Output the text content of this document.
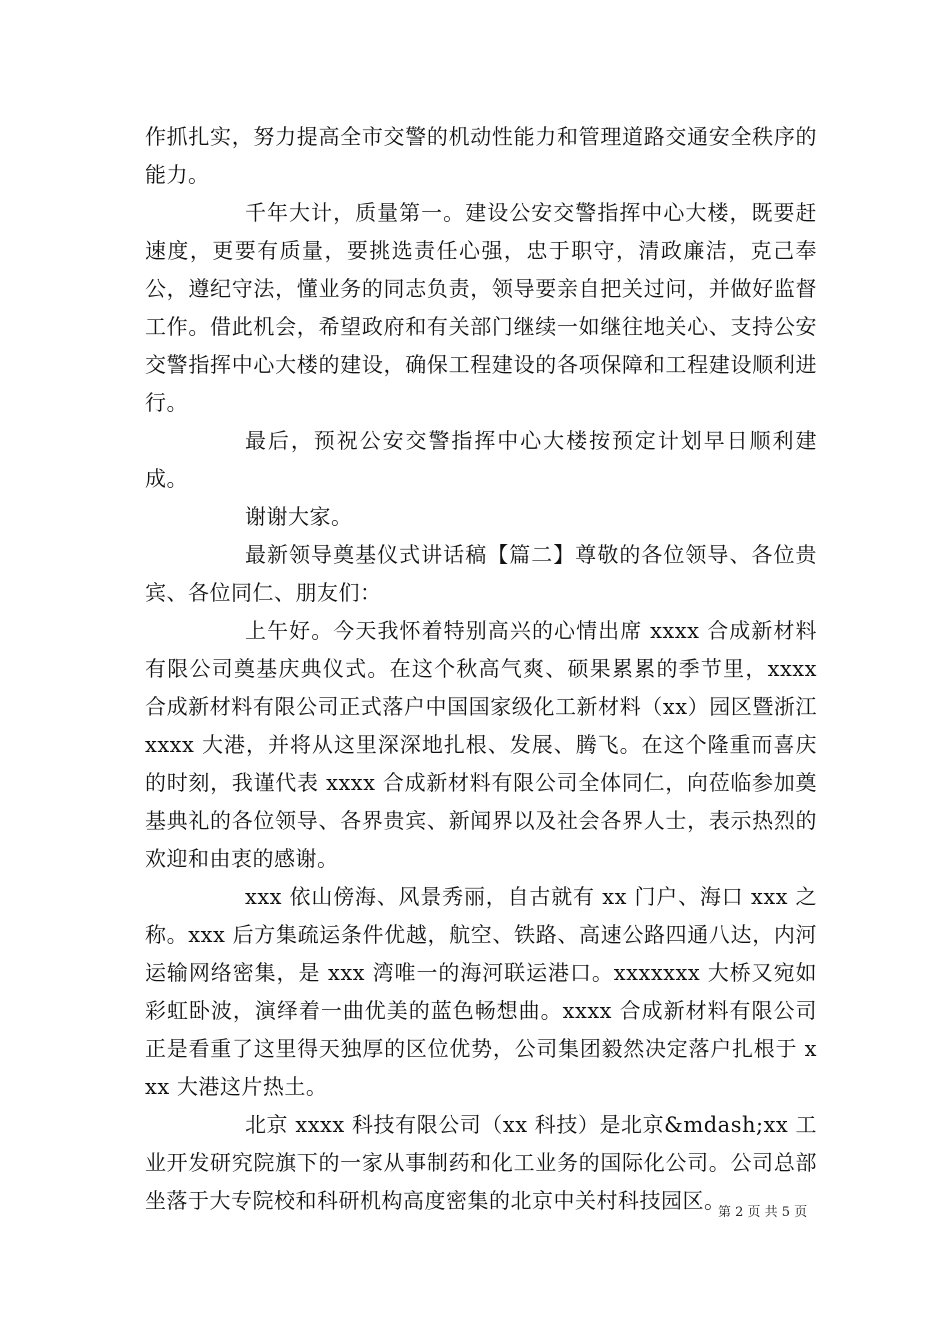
作抓扎实，努力提高全市交警的机动性能力和管理道路交通安全秩序的能力。

千年大计，质量第一。建设公安交警指挥中心大楼，既要赶速度，更要有质量，要挑选责任心强，忠于职守，清政廉洁，克己奉公，遵纪守法，懂业务的同志负责，领导要亲自把关过问，并做好监督工作。借此机会，希望政府和有关部门继续一如继往地关心、支持公安交警指挥中心大楼的建设，确保工程建设的各项保障和工程建设顺利进行。

最后，预祝公安交警指挥中心大楼按预定计划早日顺利建成。

谢谢大家。

最新领导奠基仪式讲话稿【篇二】尊敬的各位领导、各位贵宾、各位同仁、朋友们：

上午好。今天我怀着特别高兴的心情出席 xxxx 合成新材料有限公司奠基庆典仪式。在这个秋高气爽、硕果累累的季节里，xxxx 合成新材料有限公司正式落户中国国家级化工新材料（xx）园区暨浙江 xxxx 大港，并将从这里深深地扎根、发展、腾飞。在这个隆重而喜庆的时刻，我谨代表 xxxx 合成新材料有限公司全体同仁，向莅临参加奠基典礼的各位领导、各界贵宾、新闻界以及社会各界人士，表示热烈的欢迎和由衷的感谢。

xxx 依山傍海、风景秀丽，自古就有 xx 门户、海口 xxx 之称。xxx 后方集疏运条件优越，航空、铁路、高速公路四通八达，内河运输网络密集，是 xxx 湾唯一的海河联运港口。xxxxxxx 大桥又宛如彩虹卧波，演绎着一曲优美的蓝色畅想曲。xxxx 合成新材料有限公司正是看重了这里得天独厚的区位优势，公司集团毅然决定落户扎根于 xxx 大港这片热土。

北京 xxxx 科技有限公司（xx 科技）是北京&mdash;xx 工业开发研究院旗下的一家从事制药和化工业务的国际化公司。公司总部坐落于大专院校和科研机构高度密集的北京中关村科技园区。

第 2 页 共 5 页
